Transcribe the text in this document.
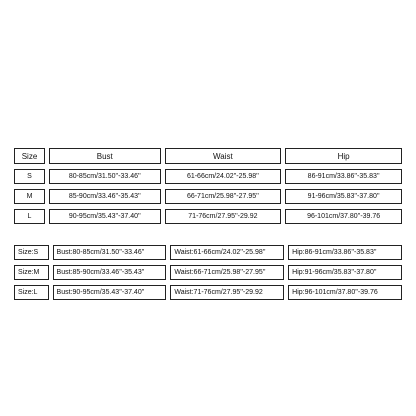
Size	Bust	Waist	Hip
S	80-85cm/31.50''-33.46''	61-66cm/24.02''-25.98''	86-91cm/33.86''-35.83''
M	85-90cm/33.46''-35.43''	66-71cm/25.98''-27.95''	91-96cm/35.83''-37.80''
L	90-95cm/35.43''-37.40''	71-76cm/27.95''-29.92	96-101cm/37.80''-39.76
Size:S	Bust:80-85cm/31.50''-33.46''	Waist:61-66cm/24.02''-25.98''	Hip:86-91cm/33.86''-35.83''
Size:M	Bust:85-90cm/33.46''-35.43''	Waist:66-71cm/25.98''-27.95''	Hip:91-96cm/35.83''-37.80''
Size:L	Bust:90-95cm/35.43''-37.40''	Waist:71-76cm/27.95''-29.92	Hip:96-101cm/37.80''-39.76
